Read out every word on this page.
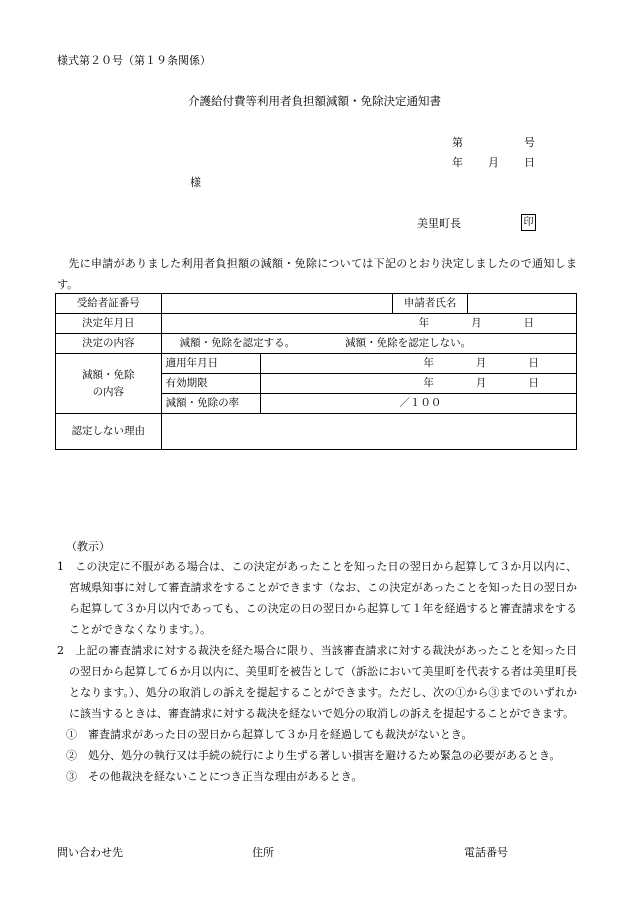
様式第２０号（第１９条関係）
介護給付費等利用者負担額減額・免除決定通知書
第	号
年 月 日
様
美里町長	印
　先に申請がありました利用者負担額の減額・免除については下記のとおり決定しましたので通知します。
受給者証番号			申請者氏名

決定年月日	年 月 日		
決定の内容	減額・免除を認定する。 減額・免除を認定しない。		
減額・免除
の内容	適用年月日	年 月 日	
	有効期限	年 月 日	
	減額・免除の率	／１００	
認定しない理由			
（教示）
1　この決定に不服がある場合は、この決定があったことを知った日の翌日から起算して３か月以内に、宮城県知事に対して審査請求をすることができます（なお、この決定があったことを知った日の翌日から起算して３か月以内であっても、この決定の日の翌日から起算して１年を経過すると審査請求をすることができなくなります。）。
2　上記の審査請求に対する裁決を経た場合に限り、当該審査請求に対する裁決があったことを知った日の翌日から起算して６か月以内に、美里町を被告として（訴訟において美里町を代表する者は美里町長となります。）、処分の取消しの訴えを提起することができます。ただし、次の①から③までのいずれかに該当するときは、審査請求に対する裁決を経ないで処分の取消しの訴えを提起することができます。
①　審査請求があった日の翌日から起算して３か月を経過しても裁決がないとき。
②　処分、処分の執行又は手続の続行により生ずる著しい損害を避けるため緊急の必要があるとき。
③　その他裁決を経ないことにつき正当な理由があるとき。
問い合わせ先	住所	電話番号
